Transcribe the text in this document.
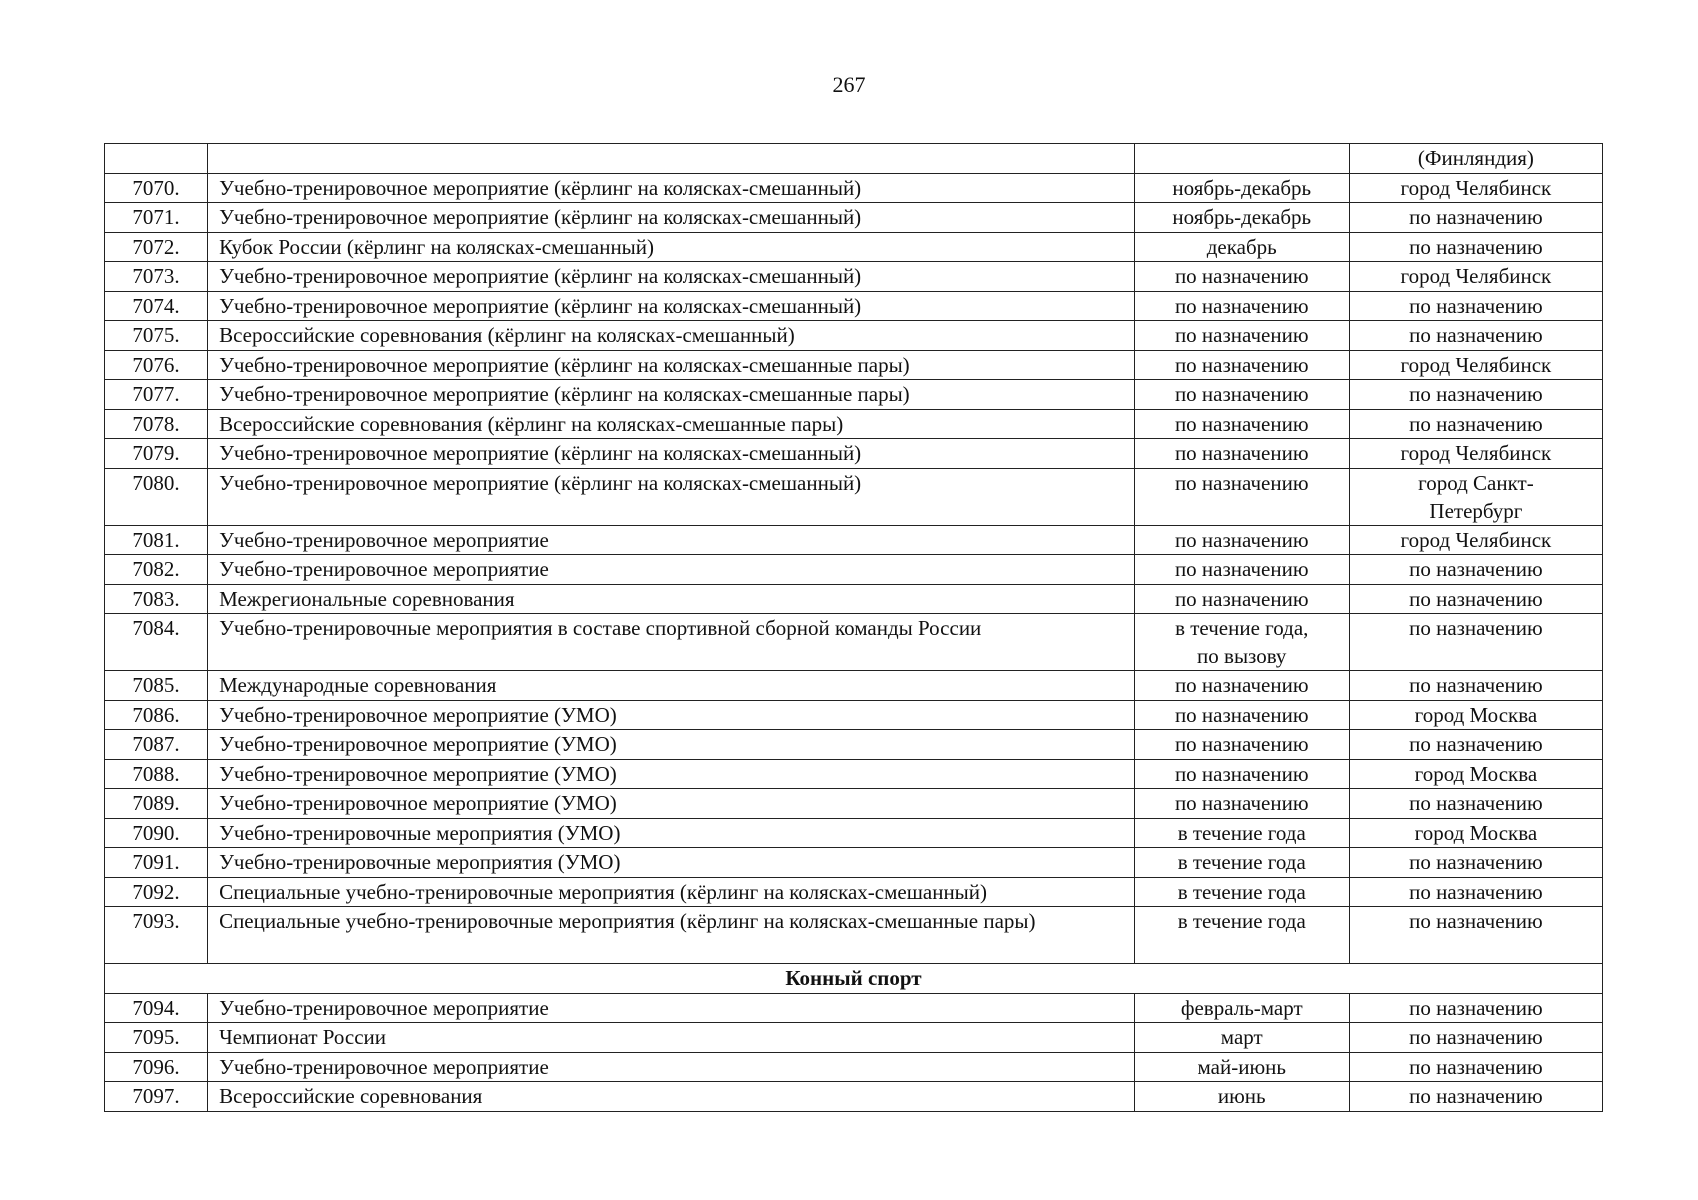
267
			(Финляндия)
7070.	Учебно-тренировочное мероприятие (кёрлинг на колясках-смешанный)	ноябрь-декабрь	город Челябинск
7071.	Учебно-тренировочное мероприятие (кёрлинг на колясках-смешанный)	ноябрь-декабрь	по назначению
7072.	Кубок России (кёрлинг на колясках-смешанный)	декабрь	по назначению
7073.	Учебно-тренировочное мероприятие (кёрлинг на колясках-смешанный)	по назначению	город Челябинск
7074.	Учебно-тренировочное мероприятие (кёрлинг на колясках-смешанный)	по назначению	по назначению
7075.	Всероссийские соревнования (кёрлинг на колясках-смешанный)	по назначению	по назначению
7076.	Учебно-тренировочное мероприятие (кёрлинг на колясках-смешанные пары)	по назначению	город Челябинск
7077.	Учебно-тренировочное мероприятие (кёрлинг на колясках-смешанные пары)	по назначению	по назначению
7078.	Всероссийские соревнования (кёрлинг на колясках-смешанные пары)	по назначению	по назначению
7079.	Учебно-тренировочное мероприятие (кёрлинг на колясках-смешанный)	по назначению	город Челябинск
7080.	Учебно-тренировочное мероприятие (кёрлинг на колясках-смешанный)	по назначению	город Санкт-
Петербург

7081.	Учебно-тренировочное мероприятие	по назначению	город Челябинск
7082.	Учебно-тренировочное мероприятие	по назначению	по назначению
7083.	Межрегиональные соревнования	по назначению	по назначению
7084.	Учебно-тренировочные мероприятия в составе спортивной сборной команды России	в течение года,
по вызову	по назначению
7085.	Международные соревнования	по назначению	по назначению
7086.	Учебно-тренировочное мероприятие (УМО)	по назначению	город Москва
7087.	Учебно-тренировочное мероприятие (УМО)	по назначению	по назначению
7088.	Учебно-тренировочное мероприятие (УМО)	по назначению	город Москва
7089.	Учебно-тренировочное мероприятие (УМО)	по назначению	по назначению
7090.	Учебно-тренировочные мероприятия (УМО)	в течение года	город Москва
7091.	Учебно-тренировочные мероприятия (УМО)	в течение года	по назначению
7092.	Специальные учебно-тренировочные мероприятия (кёрлинг на колясках-смешанный)	в течение года	по назначению
7093.	Специальные учебно-тренировочные мероприятия (кёрлинг на колясках-смешанные пары)	в течение года	по назначению
Конный спорт			
7094.	Учебно-тренировочное мероприятие	февраль-март	по назначению
7095.	Чемпионат России	март	по назначению
7096.	Учебно-тренировочное мероприятие	май-июнь	по назначению
7097.	Всероссийские соревнования	июнь	по назначению
